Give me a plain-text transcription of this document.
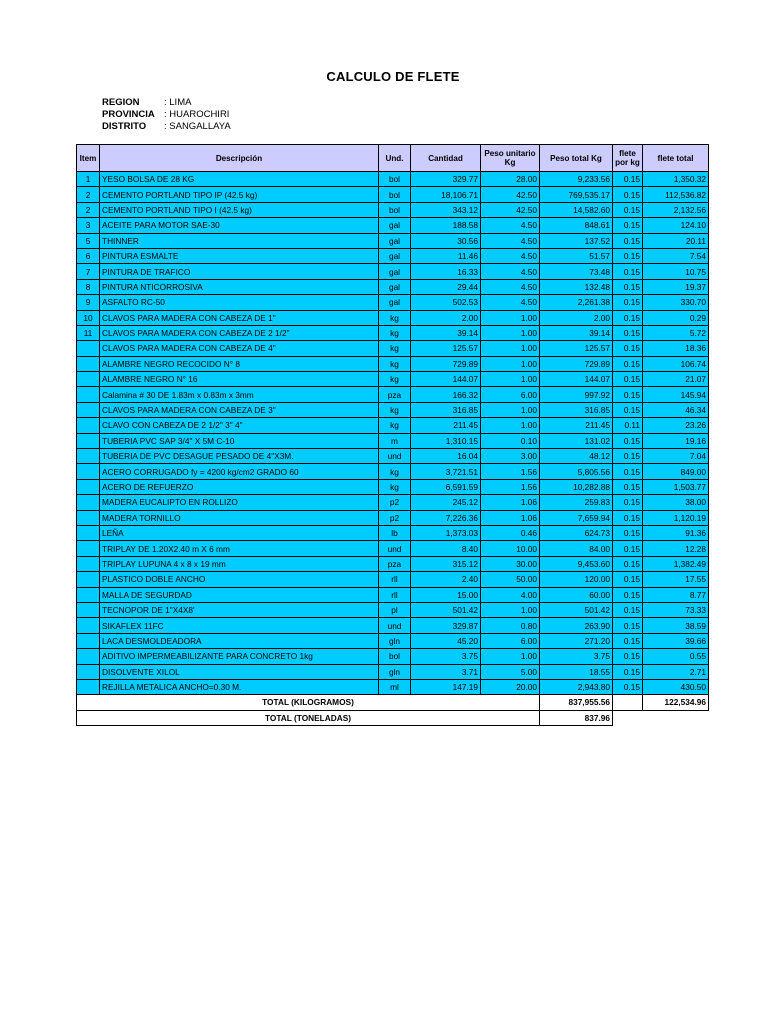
CALCULO DE FLETE
REGION	: LIMA
PROVINCIA : HUAROCHIRI
DISTRITO	: SANGALLAYA
Item	Descripción	Und.	Cantidad	Peso unitario Kg	Peso total Kg	flete por kg	flete total
1	YESO BOLSA DE 28 KG	bol	329.77	28.00	9,233.56	0.15	1,350.32
2	CEMENTO PORTLAND TIPO IP (42.5 kg)	bol	18,106.71	42.50	769,535.17	0.15	112,536.82
2	CEMENTO PORTLAND TIPO I (42.5 kg)	bol	343.12	42.50	14,582.60	0.15	2,132.56
3	ACEITE PARA MOTOR SAE-30	gal	188.58	4.50	848.61	0.15	124.10
5	THINNER	gal	30.56	4.50	137.52	0.15	20.11
6	PINTURA ESMALTE	gal	11.46	4.50	51.57	0.15	7.54
7	PINTURA DE TRAFICO	gal	16.33	4.50	73.48	0.15	10.75
8	PINTURA NTICORROSIVA	gal	29.44	4.50	132.48	0.15	19.37
9	ASFALTO RC-50	gal	502.53	4.50	2,261.38	0.15	330.70
10	CLAVOS PARA MADERA CON CABEZA DE 1"	kg	2.00	1.00	2.00	0.15	0.29
11	CLAVOS PARA MADERA CON CABEZA DE 2 1/2"	kg	39.14	1.00	39.14	0.15	5.72
	CLAVOS PARA MADERA CON CABEZA DE 4"	kg	125.57	1.00	125.57	0.15	18.36
	ALAMBRE NEGRO RECOCIDO N° 8	kg	729.89	1.00	729.89	0.15	106.74
	ALAMBRE NEGRO N° 16	kg	144.07	1.00	144.07	0.15	21.07
	Calamina # 30 DE 1.83m x 0.83m x 3mm	pza	166.32	6.00	997.92	0.15	145.94
	CLAVOS PARA MADERA CON CABEZA DE 3"	kg	316.85	1.00	316.85	0.15	46.34
	CLAVO CON CABEZA DE 2 1/2" 3" 4"	kg	211.45	1.00	211.45	0.11	23.26
	TUBERIA PVC SAP 3/4" X 5M C-10	m	1,310.15	0.10	131.02	0.15	19.16
	TUBERIA DE PVC DESAGUE PESADO DE 4"X3M.	und	16.04	3.00	48.12	0.15	7.04
	ACERO CORRUGADO fy = 4200 kg/cm2 GRADO 60	kg	3,721.51	1.56	5,805.56	0.15	849.00
	ACERO DE REFUERZO	kg	6,591.59	1.56	10,282.88	0.15	1,503.77
	MADERA EUCALIPTO EN ROLLIZO	p2	245.12	1.06	259.83	0.15	38.00
	MADERA TORNILLO	p2	7,226.36	1.06	7,659.94	0.15	1,120.19
	LEÑA	lb	1,373.03	0.46	624.73	0.15	91.36
	TRIPLAY DE 1.20X2.40 m X 6 mm	und	8.40	10.00	84.00	0.15	12.28
	TRIPLAY LUPUNA 4 x 8 x 19 mm	pza	315.12	30.00	9,453.60	0.15	1,382.49
	PLASTICO DOBLE ANCHO	rll	2.40	50.00	120.00	0.15	17.55
	MALLA DE SEGURDAD	rll	15.00	4.00	60.00	0.15	8.77
	TECNOPOR DE 1"X4X8'	pl	501.42	1.00	501.42	0.15	73.33
	SIKAFLEX 11FC	und	329.87	0.80	263.90	0.15	38.59
	LACA DESMOLDEADORA	gln	45.20	6.00	271.20	0.15	39.66
	ADITIVO IMPERMEABILIZANTE PARA CONCRETO 1kg	bol	3.75	1.00	3.75	0.15	0.55
	DISOLVENTE XILOL	gln	3.71	5.00	18.55	0.15	2.71
	REJILLA METALICA ANCHO=0.30 M.	ml	147.19	20.00	2,943.80	0.15	430.50
TOTAL (KILOGRAMOS)					837,955.56		122,534.96
TOTAL (TONELADAS)					837.96		
